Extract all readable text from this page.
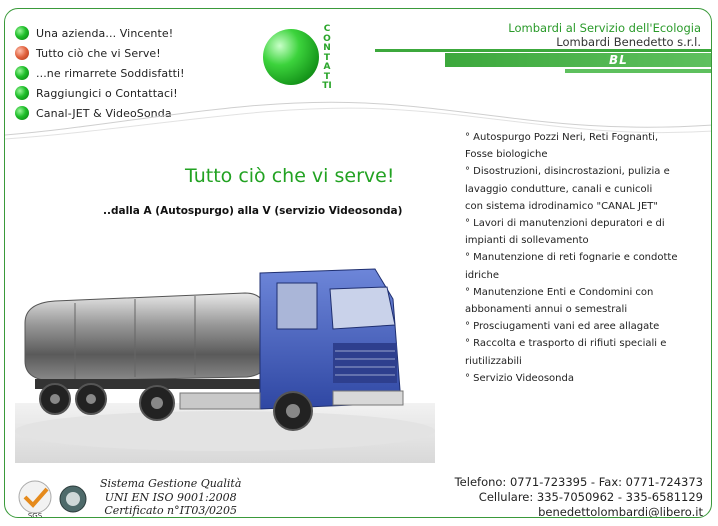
Una azienda... Vincente!
Tutto ciò che vi Serve!
...ne rimarrete Soddisfatti!
Raggiungici o Contattaci!
Canal-JET & VideoSonda
CONTATTI
Lombardi al Servizio dell'Ecologia
Lombardi Benedetto s.r.l.
BL
Tutto ciò che vi serve!
..dalla A (Autospurgo) alla V (servizio Videosonda)

° Autospurgo Pozzi Neri, Reti Fognanti,

Fosse biologiche

° Disostruzioni, disincrostazioni, pulizia e

lavaggio condutture, canali e cunicoli

con sistema idrodinamico "CANAL JET"

° Lavori di manutenzioni depuratori e di

impianti di sollevamento

° Manutenzione di reti fognarie e condotte

idriche

° Manutenzione Enti e Condomini con

abbonamenti annui o semestrali

° Prosciugamenti vani ed aree allagate

° Raccolta e trasporto di rifiuti speciali e

riutilizzabili

° Servizio Videosonda

SGS
Sistema Gestione Qualità
UNI EN ISO 9001:2008
Certificato n°IT03/0205
Telefono: 0771-723395 - Fax: 0771-724373
Cellulare: 335-7050962 - 335-6581129
benedettolombardi@libero.it
